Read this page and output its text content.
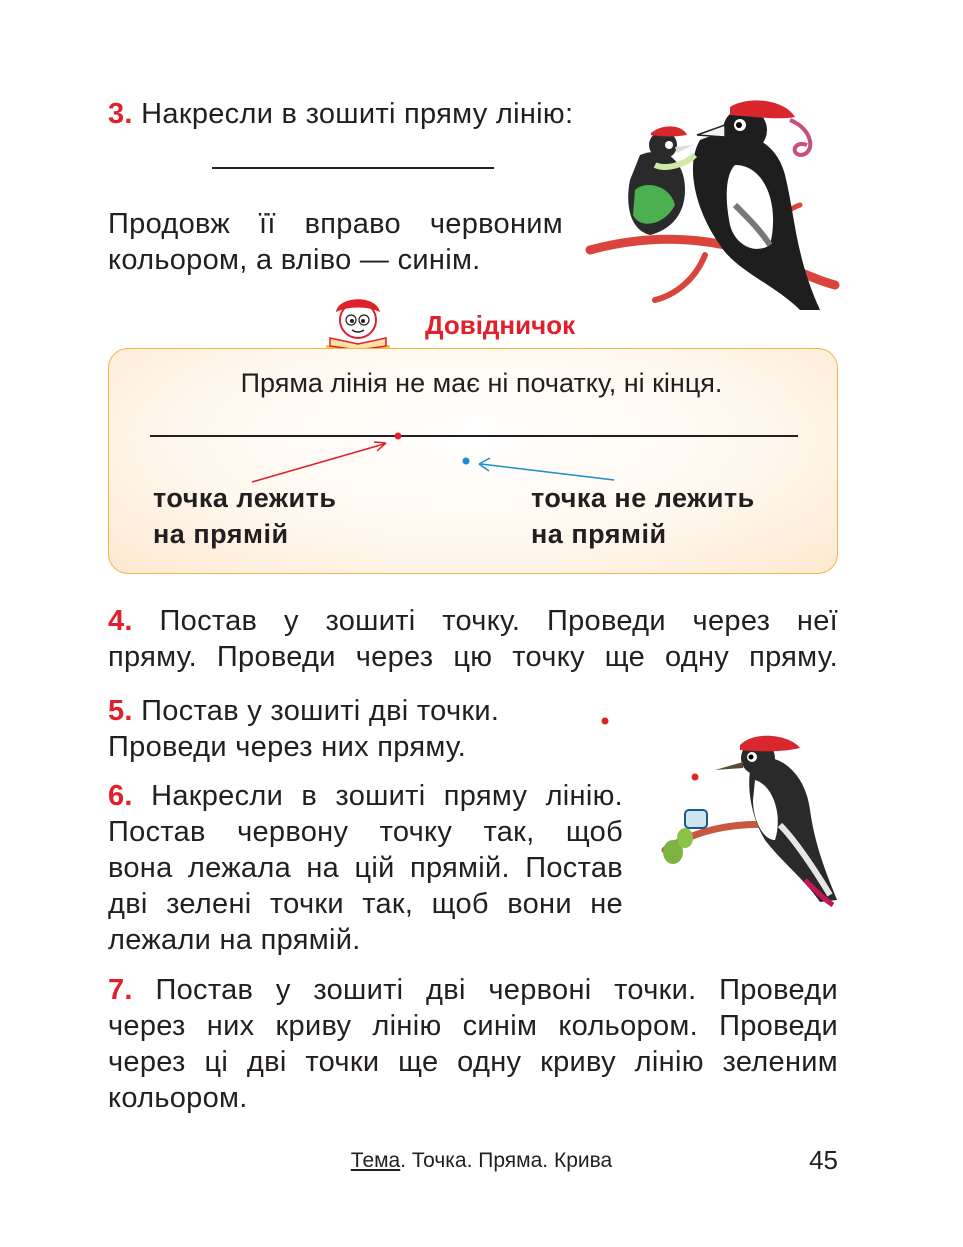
3. Накресли в зошиті пряму лінію:
Продовж її вправо червоним
кольором, а вліво — синім.
Довідничок
Пряма лінія не має ні початку, ні кінця.
точка лежить
на прямій
точка не лежить
на прямій
4. Постав у зошиті точку. Проведи через неї
пряму. Проведи через цю точку ще одну пряму.
5. Постав у зошиті дві точки.
Проведи через них пряму.
6. Накресли в зошиті пряму лінію.
Постав червону точку так, щоб
вона лежала на цій прямій. Постав
дві зелені точки так, щоб вони не
лежали на прямій.
7. Постав у зошиті дві червоні точки. Проведи
через них криву лінію синім кольором. Проведи
через ці дві точки ще одну криву лінію зеленим
кольором.
Тема. Точка. Пряма. Крива	45
